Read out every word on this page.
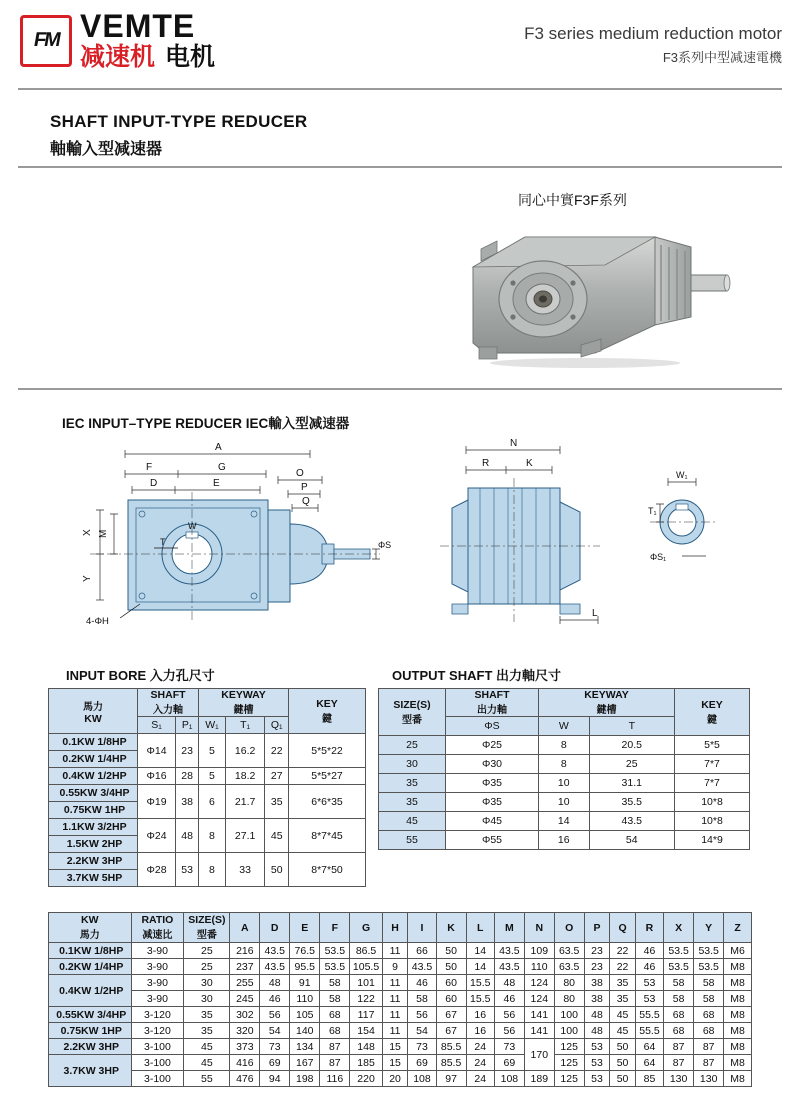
FM VEMTE
减速机 电机
F3 series medium reduction motor
F3系列中型减速電機
SHAFT INPUT-TYPE REDUCER
軸輸入型减速器
同心中實F3F系列
IEC INPUT–TYPE REDUCER IEC輸入型减速器
A
F	G
D	E
O
P
Q
W
T	ΦS
X M
Y
4-ΦH
N
R	K
L
W₁
T₁
ΦS₁
INPUT BORE 入力孔尺寸	OUTPUT SHAFT 出力軸尺寸
馬力
KW

SHAFT
入力軸

KEYWAY
鍵槽

KEY
鍵

	S₁	P₁	W₁	T₁	Q₁	
0.1KW 1/8HP	Φ14	23	5	16.2	22	5*5*22
0.2KW 1/4HP						
0.4KW 1/2HP	Φ16	28	5	18.2	27	5*5*27
0.55KW 3/4HP	Φ19	38	6	21.7	35	6*6*35
0.75KW 1HP						
1.1KW 3/2HP	Φ24	48	8	27.1	45	8*7*45
1.5KW 2HP						
2.2KW 3HP	Φ28	53	8	33	50	8*7*50
3.7KW 5HP						
SIZE(S)
型番

SHAFT
出力軸

KEYWAY
鍵槽	KEY
鍵

	ΦS	W	T	
25	Φ25	8	20.5	5*5
30	Φ30	8	25	7*7
35	Φ35	10	31.1	7*7
35	Φ35	10	35.5	10*8
45	Φ45	14	43.5	10*8
55	Φ55	16	54	14*9
KW
馬力

RATIO
减速比

SIZE(S)
型番
	A	D	E	F	G	H	I	K	L	M	N	O	P	Q	R	X	Y	Z
0.1KW 1/8HP	3-90	25	216	43.5	76.5	53.5	86.5	11	66	50	14	43.5	109	63.5	23	22	46	53.5	53.5	M6
0.2KW 1/4HP	3-90	25	237	43.5	95.5	53.5	105.5	9	43.5	50	14	43.5	110	63.5	23	22	46	53.5	53.5	M8
0.4KW 1/2HP	3-90	30	255	48	91	58	101	11	46	60	15.5	48	124	80	38	35	53	58	58	M8
	3-90	30	245	46	110	58	122	11	58	60	15.5	46	124	80	38	35	53	58	58	M8
0.55KW 3/4HP	3-120	35	302	56	105	68	117	11	56	67	16	56	141	100	48	45	55.5	68	68	M8
0.75KW 1HP	3-120	35	320	54	140	68	154	11	54	67	16	56	141	100	48	45	55.5	68	68	M8
2.2KW 3HP	3-100	45	373	73	134	87	148	15	73	85.5	24	73	170	125	53	50	64	87	87	M8
3.7KW 3HP	3-100	45	416	69	167	87	185	15	69	85.5	24	69		125	53	50	64	87	87	M8
	3-100	55	476	94	198	116	220	20	108	97	24	108	189	125	53	50	85	130	130	M8
